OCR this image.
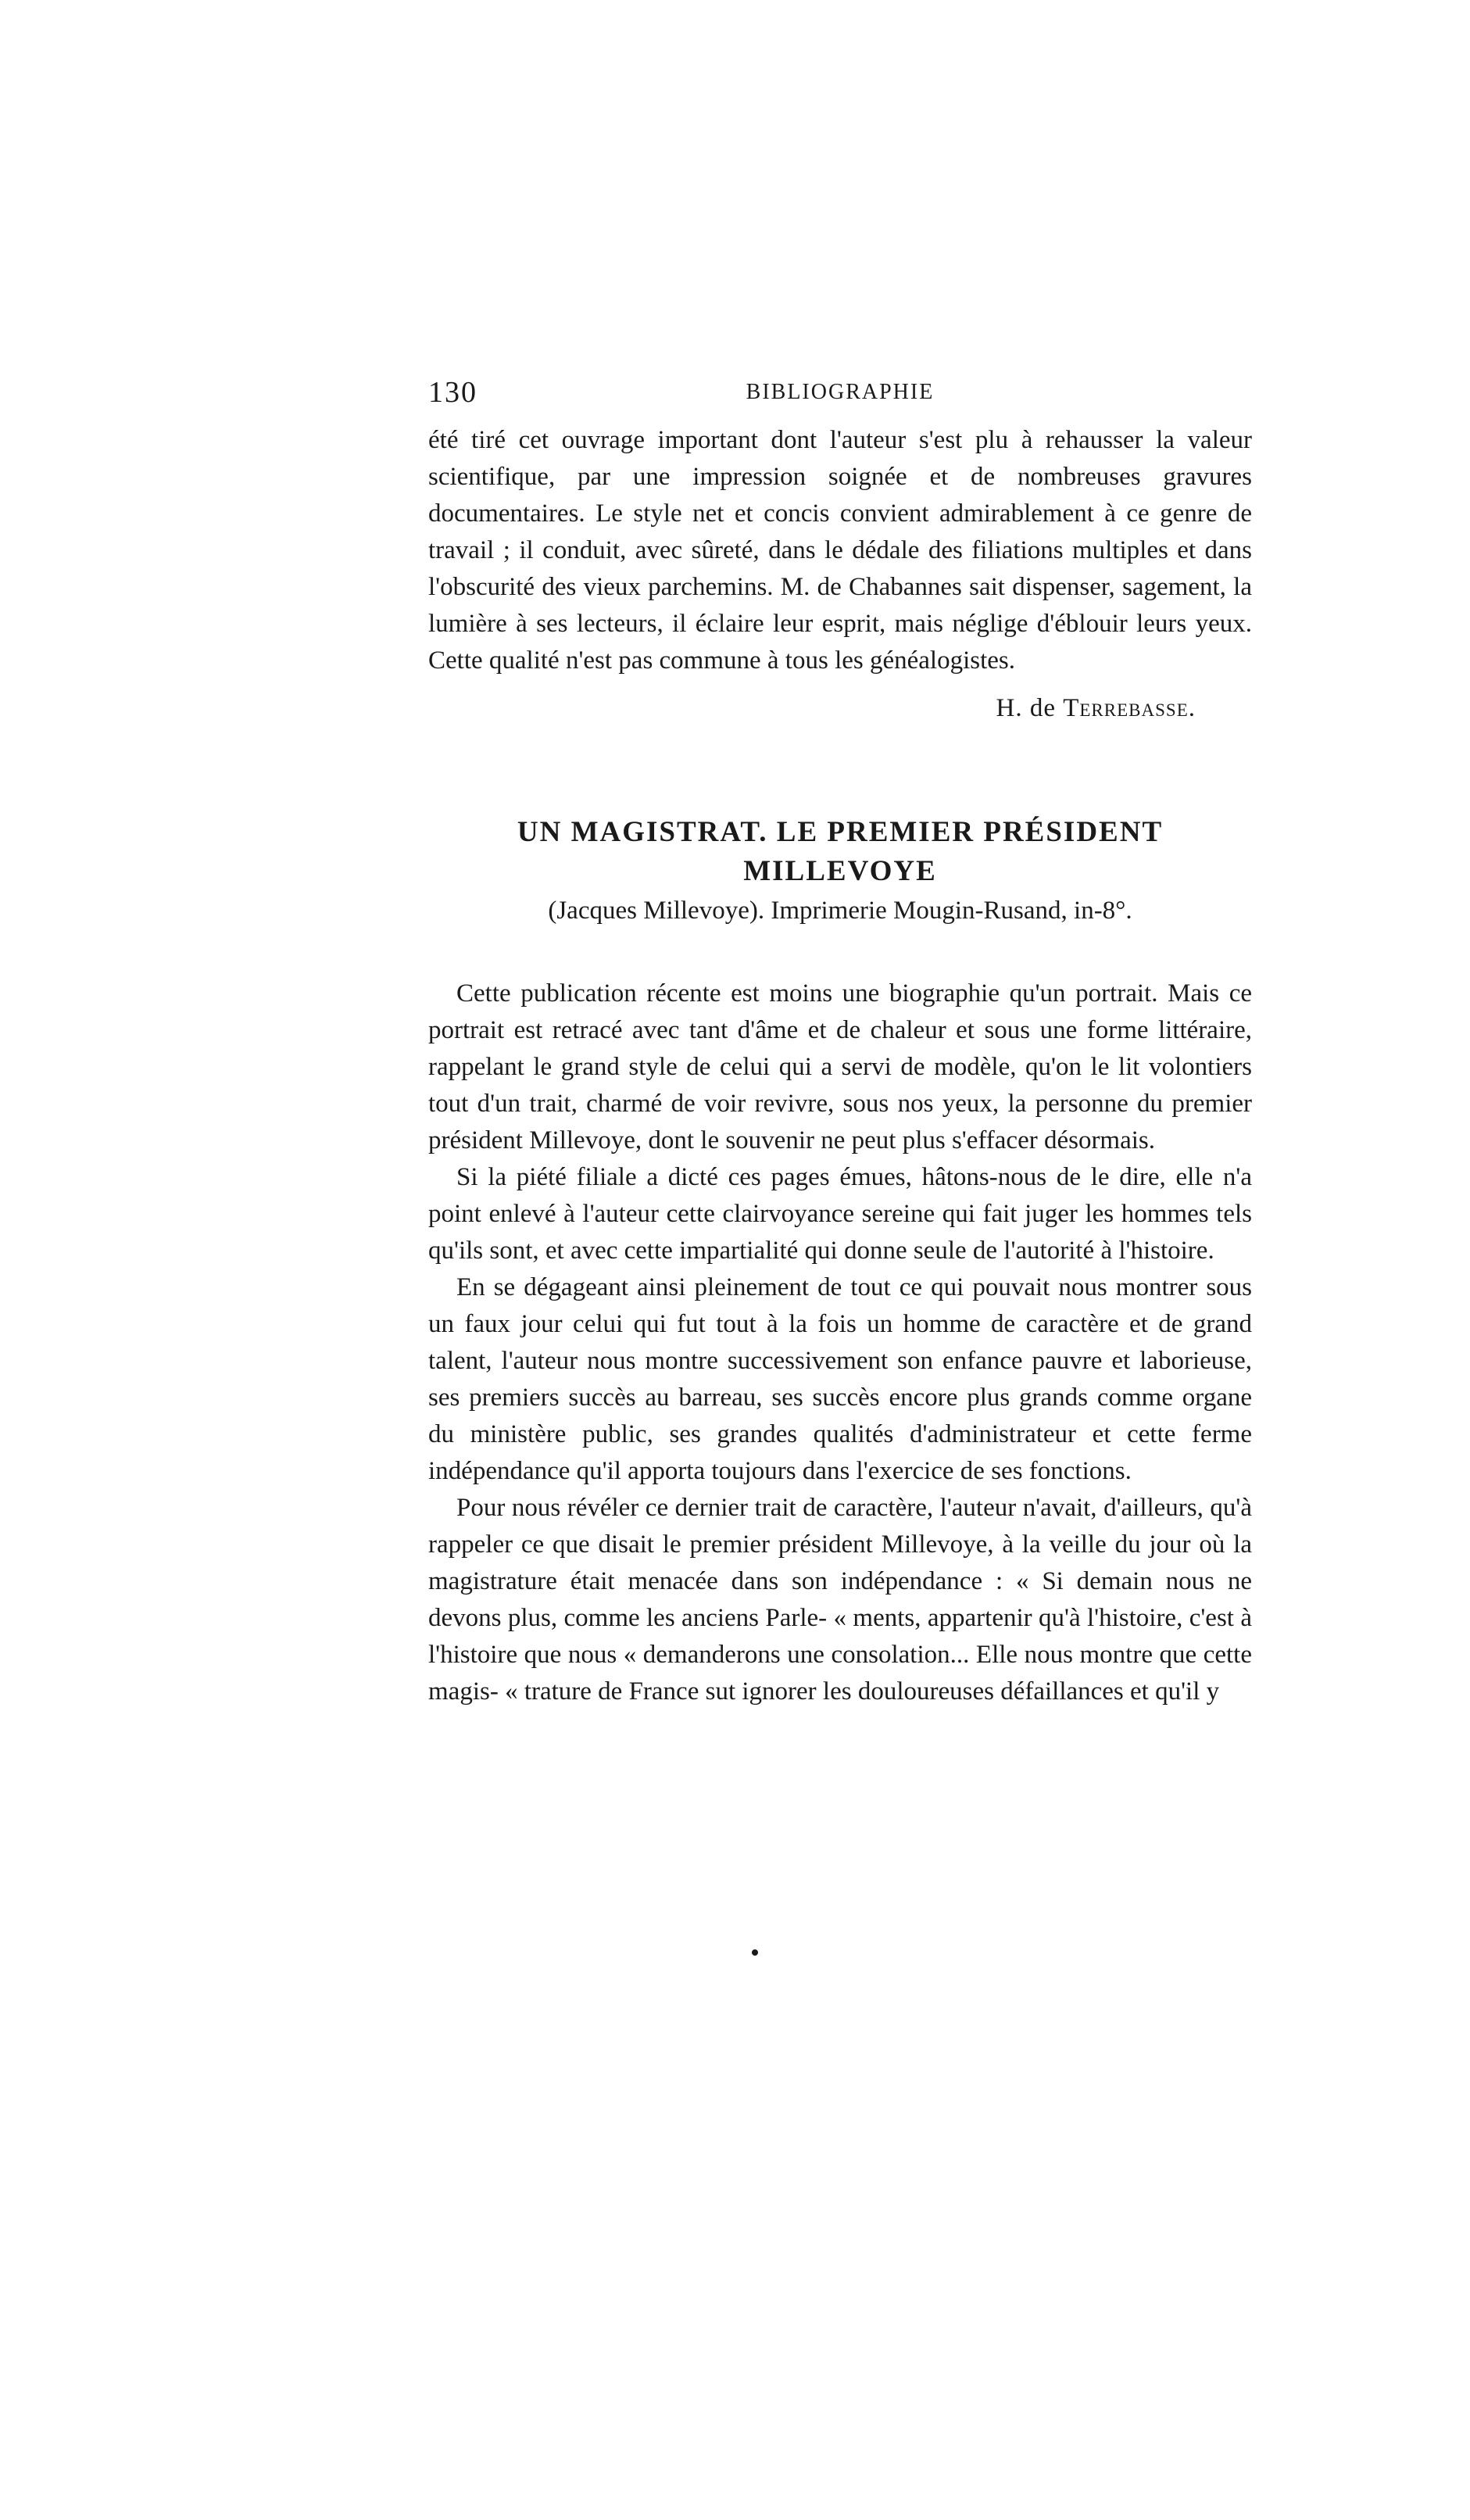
130	BIBLIOGRAPHIE

été tiré cet ouvrage important dont l'auteur s'est plu à rehausser la valeur scientifique, par une impression soignée et de nombreuses gravures documentaires. Le style net et concis convient admirablement à ce genre de travail ; il conduit, avec sûreté, dans le dédale des filiations multiples et dans l'obscurité des vieux parchemins. M. de Chabannes sait dispenser, sagement, la lumière à ses lecteurs, il éclaire leur esprit, mais néglige d'éblouir leurs yeux. Cette qualité n'est pas commune à tous les généalogistes.

H. de Terrebasse.

UN MAGISTRAT. LE PREMIER PRÉSIDENT MILLEVOYE

(Jacques Millevoye). Imprimerie Mougin-Rusand, in-8°.

Cette publication récente est moins une biographie qu'un portrait. Mais ce portrait est retracé avec tant d'âme et de chaleur et sous une forme littéraire, rappelant le grand style de celui qui a servi de modèle, qu'on le lit volontiers tout d'un trait, charmé de voir revivre, sous nos yeux, la personne du premier président Millevoye, dont le souvenir ne peut plus s'effacer désormais.

Si la piété filiale a dicté ces pages émues, hâtons-nous de le dire, elle n'a point enlevé à l'auteur cette clairvoyance sereine qui fait juger les hommes tels qu'ils sont, et avec cette impartialité qui donne seule de l'autorité à l'histoire.

En se dégageant ainsi pleinement de tout ce qui pouvait nous montrer sous un faux jour celui qui fut tout à la fois un homme de caractère et de grand talent, l'auteur nous montre successivement son enfance pauvre et laborieuse, ses premiers succès au barreau, ses succès encore plus grands comme organe du ministère public, ses grandes qualités d'administrateur et cette ferme indépendance qu'il apporta toujours dans l'exercice de ses fonctions.

Pour nous révéler ce dernier trait de caractère, l'auteur n'avait, d'ailleurs, qu'à rappeler ce que disait le premier président Millevoye, à la veille du jour où la magistrature était menacée dans son indépendance : « Si demain nous ne devons plus, comme les anciens Parle- « ments, appartenir qu'à l'histoire, c'est à l'histoire que nous « demanderons une consolation... Elle nous montre que cette magis- « trature de France sut ignorer les douloureuses défaillances et qu'il y
